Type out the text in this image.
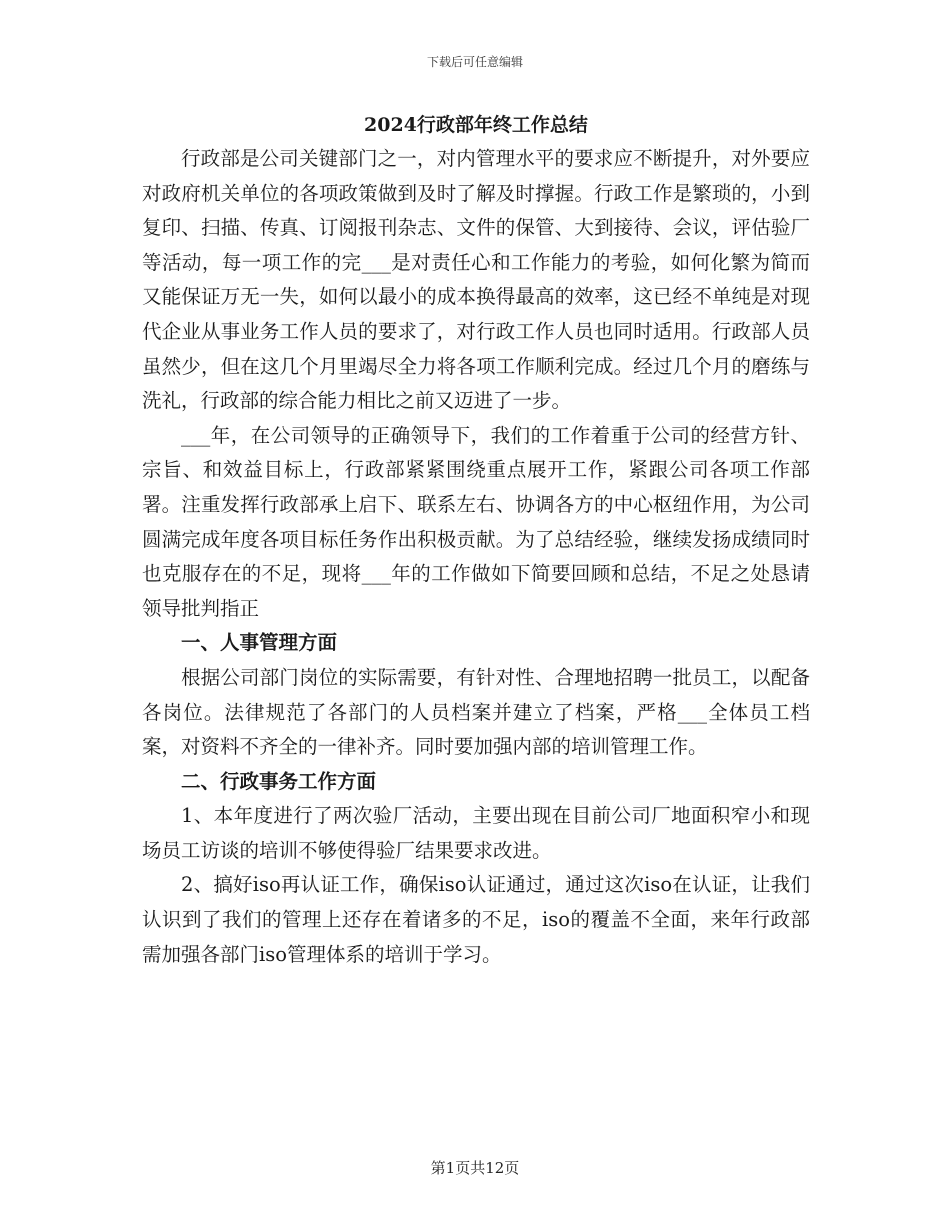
下载后可任意编辑
2024行政部年终工作总结

行政部是公司关键部门之一，对内管理水平的要求应不断提升，对外要应对政府机关单位的各项政策做到及时了解及时撑握。行政工作是繁琐的，小到复印、扫描、传真、订阅报刊杂志、文件的保管、大到接待、会议，评估验厂等活动，每一项工作的完___是对责任心和工作能力的考验，如何化繁为简而又能保证万无一失，如何以最小的成本换得最高的效率，这已经不单纯是对现代企业从事业务工作人员的要求了，对行政工作人员也同时适用。行政部人员虽然少，但在这几个月里竭尽全力将各项工作顺利完成。经过几个月的磨练与洗礼，行政部的综合能力相比之前又迈进了一步。

___年，在公司领导的正确领导下，我们的工作着重于公司的经营方针、宗旨、和效益目标上，行政部紧紧围绕重点展开工作，紧跟公司各项工作部署。注重发挥行政部承上启下、联系左右、协调各方的中心枢纽作用，为公司圆满完成年度各项目标任务作出积极贡献。为了总结经验，继续发扬成绩同时也克服存在的不足，现将___年的工作做如下简要回顾和总结，不足之处恳请领导批判指正

一、人事管理方面

根据公司部门岗位的实际需要，有针对性、合理地招聘一批员工，以配备各岗位。法律规范了各部门的人员档案并建立了档案，严格___全体员工档案，对资料不齐全的一律补齐。同时要加强内部的培训管理工作。

二、行政事务工作方面

1、本年度进行了两次验厂活动，主要出现在目前公司厂地面积窄小和现场员工访谈的培训不够使得验厂结果要求改进。

2、搞好iso再认证工作，确保iso认证通过，通过这次iso在认证，让我们认识到了我们的管理上还存在着诸多的不足，iso的覆盖不全面，来年行政部需加强各部门iso管理体系的培训于学习。

第1页共12页
